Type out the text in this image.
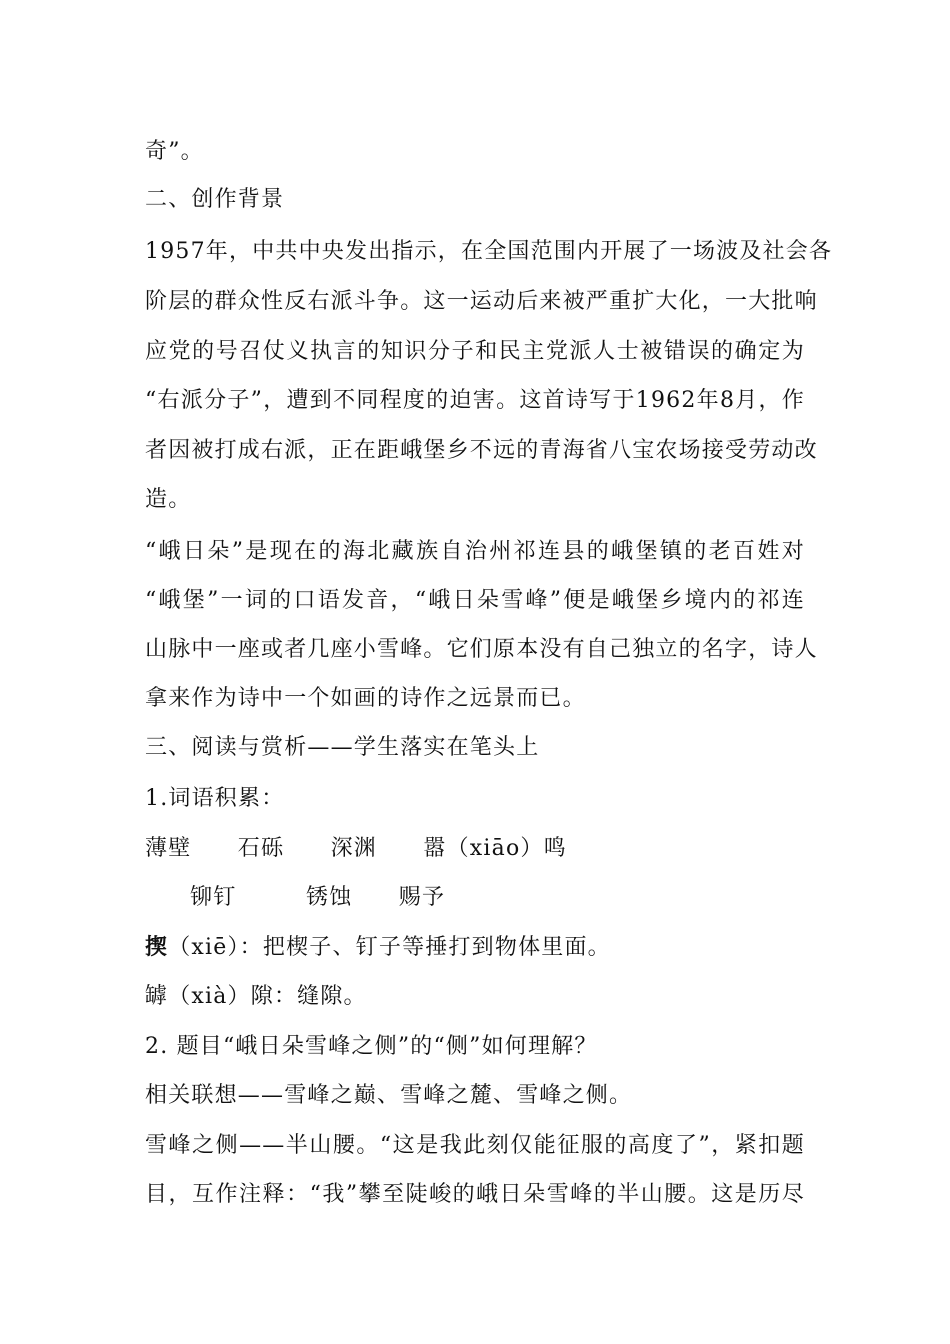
奇”。
二、创作背景
1957年，中共中央发出指示，在全国范围内开展了一场波及社会各
阶层的群众性反右派斗争。这一运动后来被严重扩大化，一大批响
应党的号召仗义执言的知识分子和民主党派人士被错误的确定为
“右派分子”，遭到不同程度的迫害。这首诗写于1962年8月，作
者因被打成右派，正在距峨堡乡不远的青海省八宝农场接受劳动改
造。
“峨日朵”是现在的海北藏族自治州祁连县的峨堡镇的老百姓对
“峨堡”一词的口语发音，“峨日朵雪峰”便是峨堡乡境内的祁连
山脉中一座或者几座小雪峰。它们原本没有自己独立的名字，诗人
拿来作为诗中一个如画的诗作之远景而已。
三、阅读与赏析——学生落实在笔头上
1.词语积累：
薄壁　　石砾　　深渊　　嚣（xiāo）鸣
铆钉　　　锈蚀　　赐予
揳（xiē）：把楔子、钉子等捶打到物体里面。
罅（xià）隙：缝隙。
2. 题目“峨日朵雪峰之侧”的“侧”如何理解？
相关联想——雪峰之巅、雪峰之麓、雪峰之侧。
雪峰之侧——半山腰。“这是我此刻仅能征服的高度了”，紧扣题
目，互作注释：“我”攀至陡峻的峨日朵雪峰的半山腰。这是历尽
